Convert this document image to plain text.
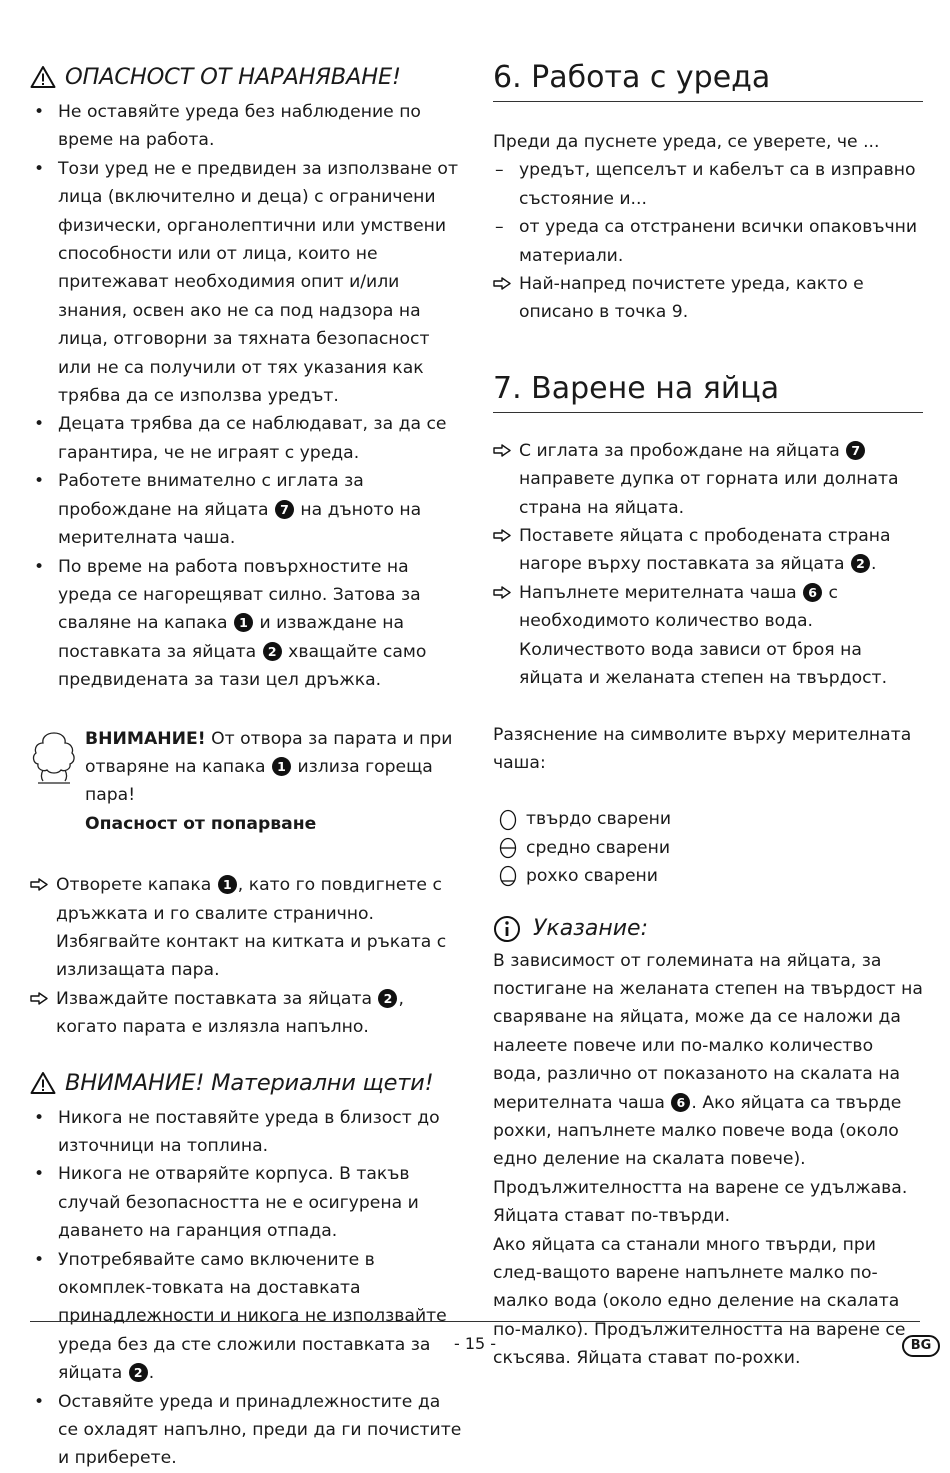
ОПАСНОСТ ОТ НАРАНЯВАНЕ!
• Не оставяйте уреда без наблюдение по време на работа.
• Този уред не е предвиден за използване от лица (включително и деца) с ограничени физически, органолептични или умствени способности или от лица, които не притежават необходимия опит и/или знания, освен ако не са под надзора на лица, отговорни за тяхната безопасност или не са получили от тях указания как трябва да се използва уредът.
• Децата трябва да се наблюдават, за да се гарантира, че не играят с уреда.
• Работете внимателно с иглата за пробождане на яйцата 7 на дъното на мерителната чаша.
• По време на работа повърхностите на уреда се нагорещяват силно. Затова за сваляне на капака 1 и изваждане на поставката за яйцата 2 хващайте само предвидената за тази цел дръжка.

ВНИМАНИЕ! От отвора за парата и при отваряне на капака 1 излиза гореща пара!

Опасност от попарване

Отворете капака 1 , като го повдигнете с дръжката и го свалите странично. Избягвайте контакт на китката и ръката с излизащата пара.
Изваждайте поставката за яйцата 2 , когато парата е излязла напълно.
ВНИМАНИЕ! Материални щети!
• Никога не поставяйте уреда в близост до източници на топлина.
• Никога не отваряйте корпуса. В такъв случай безопасността не е осигурена и даването на гаранция отпада.
• Употребявайте само включените в окомплек-товката на доставката принадлежности и никога не използвайте уреда без да сте сложили поставката за яйцата 2 .
• Оставяйте уреда и принадлежностите да се охладят напълно, преди да ги почистите и приберете.
6. Работа с уреда

Преди да пуснете уреда, се уверете, че ...

– уредът, щепселът и кабелът са в изправно състояние и...
– от уреда са отстранени всички опаковъчни материали.
Най-напред почистете уреда, както е описано в точка 9.
7. Варене на яйца
С иглата за пробождане на яйцата 7 направете дупка от горната или долната страна на яйцата.
Поставете яйцата с прободенатa страна нагоре върху поставката за яйцата 2 .
Напълнете мерителната чаша 6 с необходимото количество вода. Количеството вода зависи от броя на яйцата и желаната степен на твърдост.

Разяснение на символите върху мерителната чаша:

твърдо сварени
средно сварени
рохко сварени
Указание:

В зависимост от големината на яйцата, за постигане на желаната степен на твърдост на сваряване на яйцата, може да се наложи да налеете повече или по-малко количество вода, различно от показаното на скалата на мерителната чаша 6 . Ако яйцата са твърде рохки, напълнете малко повече вода (около едно деление на скалата повече). Продължителността на варене се удължава. Яйцата стават по-твърди.

Ако яйцата са станали много твърди, при след-ващото варене напълнете малко по-малко вода (около едно деление на скалата по-малко). Продължителността на варене се скъсява. Яйцата стават по-рохки.

- 15 -	BG
